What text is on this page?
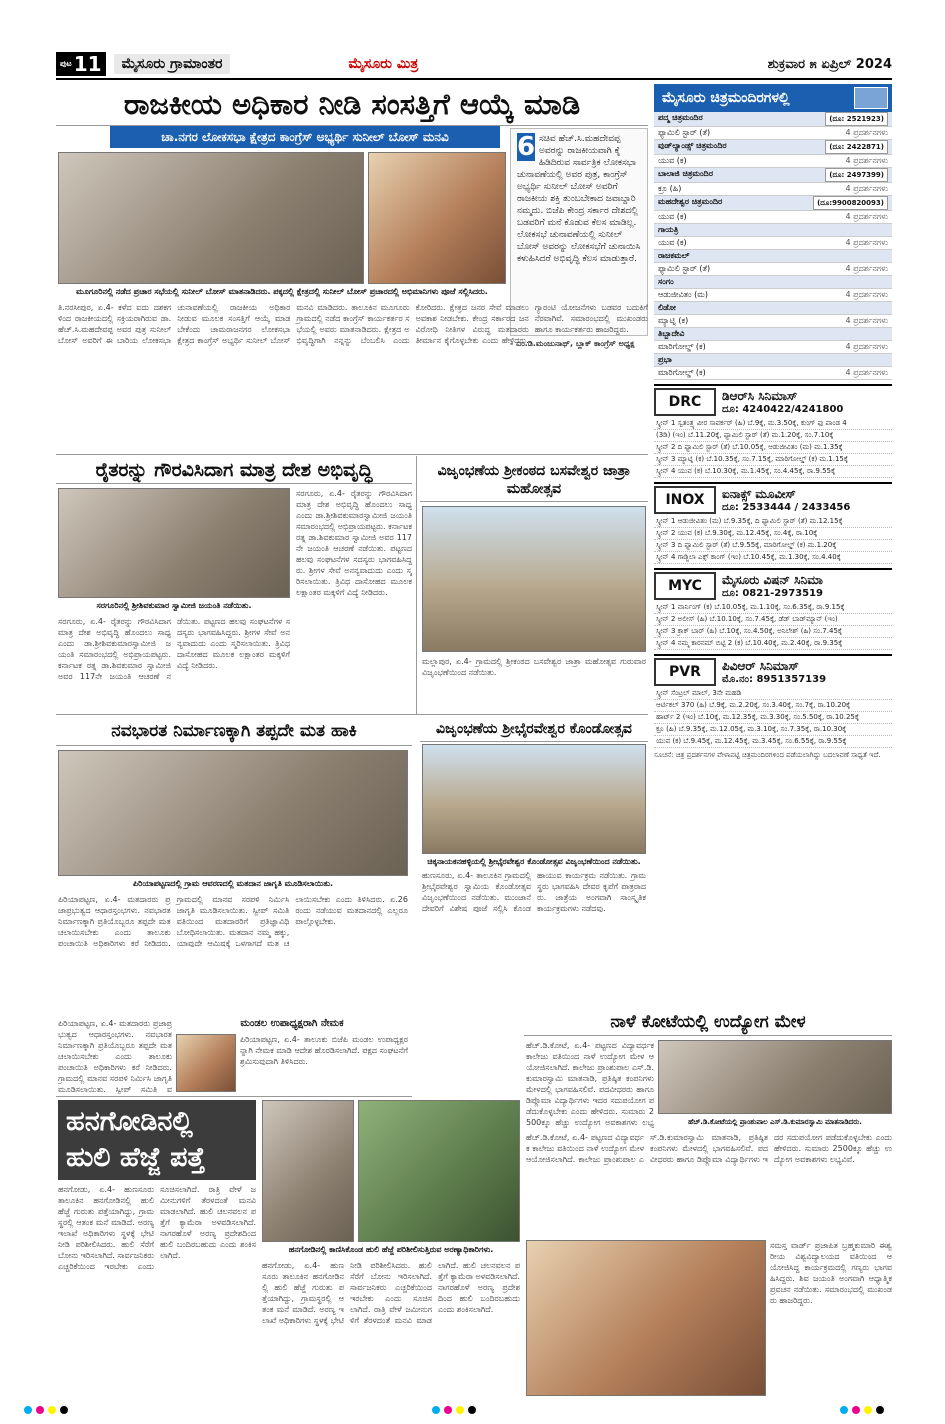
ಪುಟ 11	ಮೈಸೂರು ಗ್ರಾಮಾಂತರ	ಮೈಸೂರು ಮಿತ್ರ	ಶುಕ್ರವಾರ ೫ ಏಪ್ರಿಲ್ 2024
ರಾಜಕೀಯ ಅಧಿಕಾರ ನೀಡಿ ಸಂಸತ್ತಿಗೆ ಆಯ್ಕೆ ಮಾಡಿ
ಚಾ.ನಗರ ಲೋಕಸಭಾ ಕ್ಷೇತ್ರದ ಕಾಂಗ್ರೆಸ್ ಅಭ್ಯರ್ಥಿ ಸುನೀಲ್ ಬೋಸ್ ಮನವಿ
ಮೂಗೂರಿನಲ್ಲಿ ನಡೆದ ಪ್ರಚಾರ ಸಭೆಯಲ್ಲಿ ಸುನೀಲ್ ಬೋಸ್ ಮಾತನಾಡಿದರು. ಪಕ್ಕದಲ್ಲಿ ಕ್ಷೇತ್ರದಲ್ಲಿ ಸುನೀಲ್ ಬೋಸ್ ಪ್ರಚಾರದಲ್ಲಿ ಅಭಿಮಾನಿಗಳು ಪೂಜೆ ಸಲ್ಲಿಸಿದರು.
6 ಸಚಿವ ಹೆಚ್.ಸಿ.ಮಹದೇವಪ್ಪ ಅವರನ್ನು ರಾಜಕೀಯವಾಗಿ ಕೈ ಹಿಡಿದಿರುವ ಸಾರ್ವತ್ರಿಕ ಲೋಕಸಭಾ ಚುನಾವಣೆಯಲ್ಲಿ ಅವರ ಪುತ್ರ, ಕಾಂಗ್ರೆಸ್ ಅಭ್ಯರ್ಥಿ ಸುನೀಲ್ ಬೋಸ್ ಅವರಿಗೆ ರಾಜಕೀಯ ಶಕ್ತಿ ತುಂಬಬೇಕಾದ ಜವಾಬ್ದಾರಿ ನಮ್ಮದು. ಬಿಜೆಪಿ ಕೇಂದ್ರ ಸರ್ಕಾರ ದೇಶದಲ್ಲಿ ಬಡವರಿಗೆ ಮನೆ ಕೊಡುವ ಕೆಲಸ ಮಾಡಿಲ್ಲ. ಲೋಕಸಭೆ ಚುನಾವಣೆಯಲ್ಲಿ ಸುನೀಲ್ ಬೋಸ್ ಅವರನ್ನು ಲೋಕಸಭೆಗೆ ಚುನಾಯಿಸಿ ಕಳುಹಿಸಿದರೆ ಅಭಿವೃದ್ಧಿ ಕೆಲಸ ಮಾಡುತ್ತಾರೆ.
- ಎಂ.ಡಿ.ಮಂಜುನಾಥ್, ಬ್ಲಾಕ್ ಕಾಂಗ್ರೆಸ್ ಅಧ್ಯಕ್ಷ
ತಿ.ನರಸೀಪುರ, ಏ.4- ಕಳೆದ ಐದು ದಶಕಗಳಿಂದ ರಾಜಕೀಯದಲ್ಲಿ ಸಕ್ರಿಯರಾಗಿರುವ ಡಾ.ಹೆಚ್.ಸಿ.ಮಹದೇವಪ್ಪ ಅವರ ಪುತ್ರ ಸುನೀಲ್ ಬೋಸ್ ಅವರಿಗೆ ಈ ಬಾರಿಯ ಲೋಕಸಭಾ ಚುನಾವಣೆಯಲ್ಲಿ ರಾಜಕೀಯ ಅಧಿಕಾರ ನೀಡುವ ಮೂಲಕ ಸಂಸತ್ತಿಗೆ ಆಯ್ಕೆ ಮಾಡಬೇಕೆಂದು ಚಾಮರಾಜನಗರ ಲೋಕಸಭಾ ಕ್ಷೇತ್ರದ ಕಾಂಗ್ರೆಸ್ ಅಭ್ಯರ್ಥಿ ಸುನೀಲ್ ಬೋಸ್ ಮನವಿ ಮಾಡಿದರು. ತಾಲೂಕಿನ ಮೂಗೂರು ಗ್ರಾಮದಲ್ಲಿ ನಡೆದ ಕಾಂಗ್ರೆಸ್ ಕಾರ್ಯಕರ್ತರ ಸಭೆಯಲ್ಲಿ ಅವರು ಮಾತನಾಡಿದರು. ಕ್ಷೇತ್ರದ ಅಭಿವೃದ್ಧಿಗಾಗಿ ನನ್ನನ್ನು ಬೆಂಬಲಿಸಿ ಎಂದು ಕೋರಿದರು. ಕ್ಷೇತ್ರದ ಜನರ ಸೇವೆ ಮಾಡಲು ಅವಕಾಶ ನೀಡಬೇಕು. ಕೇಂದ್ರ ಸರ್ಕಾರದ ಜನವಿರೋಧಿ ನೀತಿಗಳ ವಿರುದ್ಧ ಮತದಾರರು ತೀರ್ಮಾನ ಕೈಗೊಳ್ಳಬೇಕು ಎಂದು ಹೇಳಿದರು. ಗ್ಯಾರಂಟಿ ಯೋಜನೆಗಳು ಬಡವರ ಬದುಕಿಗೆ ನೆರವಾಗಿವೆ. ಸಮಾರಂಭದಲ್ಲಿ ಮುಖಂಡರು ಹಾಗೂ ಕಾರ್ಯಕರ್ತರು ಹಾಜರಿದ್ದರು.
ರೈತರನ್ನು ಗೌರವಿಸಿದಾಗ ಮಾತ್ರ ದೇಶ ಅಭಿವೃದ್ಧಿ
ಸರಗೂರಿನಲ್ಲಿ ಶ್ರೀಶಿವಕುಮಾರ ಸ್ವಾಮೀಜಿ ಜಯಂತಿ ನಡೆಯಿತು.
ಸರಗೂರು, ಏ.4- ರೈತರನ್ನು ಗೌರವಿಸಿದಾಗ ಮಾತ್ರ ದೇಶ ಅಭಿವೃದ್ಧಿ ಹೊಂದಲು ಸಾಧ್ಯ ಎಂದು ಡಾ.ಶ್ರೀಶಿವಕುಮಾರಸ್ವಾಮೀಜಿ ಜಯಂತಿ ಸಮಾರಂಭದಲ್ಲಿ ಅಭಿಪ್ರಾಯಪಟ್ಟರು. ಕರ್ನಾಟಕ ರತ್ನ ಡಾ.ಶಿವಕುಮಾರ ಸ್ವಾಮೀಜಿ ಅವರ 117ನೇ ಜಯಂತಿ ಆಚರಣೆ ನಡೆಯಿತು. ಪಟ್ಟಣದ ಹಲವು ಸಂಘಟನೆಗಳ ಸದಸ್ಯರು ಭಾಗವಹಿಸಿದ್ದರು. ಶ್ರೀಗಳ ಸೇವೆ ಅನನ್ಯವಾದುದು ಎಂದು ಸ್ಮರಿಸಲಾಯಿತು. ತ್ರಿವಿಧ ದಾಸೋಹದ ಮೂಲಕ ಲಕ್ಷಾಂತರ ಮಕ್ಕಳಿಗೆ ವಿದ್ಯೆ ನೀಡಿದರು.
ಸರಗೂರು, ಏ.4- ರೈತರನ್ನು ಗೌರವಿಸಿದಾಗ ಮಾತ್ರ ದೇಶ ಅಭಿವೃದ್ಧಿ ಹೊಂದಲು ಸಾಧ್ಯ ಎಂದು ಡಾ.ಶ್ರೀಶಿವಕುಮಾರಸ್ವಾಮೀಜಿ ಜಯಂತಿ ಸಮಾರಂಭದಲ್ಲಿ ಅಭಿಪ್ರಾಯಪಟ್ಟರು. ಕರ್ನಾಟಕ ರತ್ನ ಡಾ.ಶಿವಕುಮಾರ ಸ್ವಾಮೀಜಿ ಅವರ 117ನೇ ಜಯಂತಿ ಆಚರಣೆ ನಡೆಯಿತು. ಪಟ್ಟಣದ ಹಲವು ಸಂಘಟನೆಗಳ ಸದಸ್ಯರು ಭಾಗವಹಿಸಿದ್ದರು. ಶ್ರೀಗಳ ಸೇವೆ ಅನನ್ಯವಾದುದು ಎಂದು ಸ್ಮರಿಸಲಾಯಿತು. ತ್ರಿವಿಧ ದಾಸೋಹದ ಮೂಲಕ ಲಕ್ಷಾಂತರ ಮಕ್ಕಳಿಗೆ ವಿದ್ಯೆ ನೀಡಿದರು.
ವಿಜೃಂಭಣೆಯ ಶ್ರೀಕಂಠದ ಬಸವೇಶ್ವರ ಜಾತ್ರಾ ಮಹೋತ್ಸವ
ಮಲ್ಲಾಪುರ, ಏ.4- ಗ್ರಾಮದಲ್ಲಿ ಶ್ರೀಕಂಠದ ಬಸವೇಶ್ವರ ಜಾತ್ರಾ ಮಹೋತ್ಸವ ಗುರುವಾರ ವಿಜೃಂಭಣೆಯಿಂದ ನಡೆಯಿತು.
ವಿಜೃಂಭಣೆಯ ಶ್ರೀಭೈರವೇಶ್ವರ ಕೊಂಡೋತ್ಸವ
ಚಿಕ್ಕನಾಯಕನಹಳ್ಳಿಯಲ್ಲಿ ಶ್ರೀಭೈರವೇಶ್ವರ ಕೊಂಡೋತ್ಸವ ವಿಜೃಂಭಣೆಯಿಂದ ನಡೆಯಿತು.
ಹುಣಸೂರು, ಏ.4- ತಾಲೂಕಿನ ಗ್ರಾಮದಲ್ಲಿ ಶ್ರೀಭೈರವೇಶ್ವರ ಸ್ವಾಮಿಯ ಕೊಂಡೋತ್ಸವ ವಿಜೃಂಭಣೆಯಿಂದ ನಡೆಯಿತು. ಮುಂಜಾನೆ ದೇವರಿಗೆ ವಿಶೇಷ ಪೂಜೆ ಸಲ್ಲಿಸಿ ಕೊಂಡ ಹಾಯುವ ಕಾರ್ಯಕ್ರಮ ನಡೆಯಿತು. ಗ್ರಾಮಸ್ಥರು ಭಾಗವಹಿಸಿ ದೇವರ ಕೃಪೆಗೆ ಪಾತ್ರರಾದರು. ಜಾತ್ರೆಯ ಅಂಗವಾಗಿ ಸಾಂಸ್ಕೃತಿಕ ಕಾರ್ಯಕ್ರಮಗಳು ನಡೆದವು.
ನವಭಾರತ ನಿರ್ಮಾಣಕ್ಕಾಗಿ ತಪ್ಪದೇ ಮತ ಹಾಕಿ
ಪಿರಿಯಾಪಟ್ಟಣದಲ್ಲಿ ಗ್ರಾಮ ಆವರಣದಲ್ಲಿ ಮತದಾನ ಜಾಗೃತಿ ಮೂಡಿಸಲಾಯಿತು.
ಪಿರಿಯಾಪಟ್ಟಣ, ಏ.4- ಮತದಾರರು ಪ್ರಜಾಪ್ರಭುತ್ವದ ಆಧಾರಸ್ತಂಭಗಳು. ನವಭಾರತ ನಿರ್ಮಾಣಕ್ಕಾಗಿ ಪ್ರತಿಯೊಬ್ಬರೂ ತಪ್ಪದೇ ಮತ ಚಲಾಯಿಸಬೇಕು ಎಂದು ತಾಲೂಕು ಪಂಚಾಯಿತಿ ಅಧಿಕಾರಿಗಳು ಕರೆ ನೀಡಿದರು. ಗ್ರಾಮದಲ್ಲಿ ಮಾನವ ಸರಪಳಿ ನಿರ್ಮಿಸಿ ಜಾಗೃತಿ ಮೂಡಿಸಲಾಯಿತು. ಸ್ವೀಪ್ ಸಮಿತಿ ವತಿಯಿಂದ ಮತದಾರರಿಗೆ ಪ್ರತಿಜ್ಞಾವಿಧಿ ಬೋಧಿಸಲಾಯಿತು. ಮತದಾನ ನಮ್ಮ ಹಕ್ಕು, ಯಾವುದೇ ಆಮಿಷಕ್ಕೆ ಒಳಗಾಗದೆ ಮತ ಚಲಾಯಿಸಬೇಕು ಎಂದು ತಿಳಿಸಿದರು. ಏ.26ರಂದು ನಡೆಯುವ ಮತದಾನದಲ್ಲಿ ಎಲ್ಲರೂ ಪಾಲ್ಗೊಳ್ಳಬೇಕು.
ಮಂಡಲ ಉಪಾಧ್ಯಕ್ಷರಾಗಿ ನೇಮಕ
ಪಿರಿಯಾಪಟ್ಟಣ, ಏ.4- ತಾಲೂಕು ಬಿಜೆಪಿ ಮಂಡಲ ಉಪಾಧ್ಯಕ್ಷರನ್ನಾಗಿ ನೇಮಕ ಮಾಡಿ ಆದೇಶ ಹೊರಡಿಸಲಾಗಿದೆ. ಪಕ್ಷದ ಸಂಘಟನೆಗೆ ಶ್ರಮಿಸುವುದಾಗಿ ತಿಳಿಸಿದರು.
ಪಿರಿಯಾಪಟ್ಟಣ, ಏ.4- ಮತದಾರರು ಪ್ರಜಾಪ್ರಭುತ್ವದ ಆಧಾರಸ್ತಂಭಗಳು. ನವಭಾರತ ನಿರ್ಮಾಣಕ್ಕಾಗಿ ಪ್ರತಿಯೊಬ್ಬರೂ ತಪ್ಪದೇ ಮತ ಚಲಾಯಿಸಬೇಕು ಎಂದು ತಾಲೂಕು ಪಂಚಾಯಿತಿ ಅಧಿಕಾರಿಗಳು ಕರೆ ನೀಡಿದರು. ಗ್ರಾಮದಲ್ಲಿ ಮಾನವ ಸರಪಳಿ ನಿರ್ಮಿಸಿ ಜಾಗೃತಿ ಮೂಡಿಸಲಾಯಿತು. ಸ್ವೀಪ್ ಸಮಿತಿ ವ
ಹನಗೋಡಿನಲ್ಲಿ
ಹುಲಿ ಹೆಜ್ಜೆ ಪತ್ತೆ
ಹನಗೋಡಿನಲ್ಲಿ ಕಾಣಿಸಿಕೊಂಡ ಹುಲಿ ಹೆಜ್ಜೆ ಪರಿಶೀಲಿಸುತ್ತಿರುವ ಅರಣ್ಯಾಧಿಕಾರಿಗಳು.
ಹನಗೋಡು, ಏ.4- ಹುಣಸೂರು ತಾಲೂಕಿನ ಹನಗೋಡಿನಲ್ಲಿ ಹುಲಿ ಹೆಜ್ಜೆ ಗುರುತು ಪತ್ತೆಯಾಗಿದ್ದು, ಗ್ರಾಮಸ್ಥರಲ್ಲಿ ಆತಂಕ ಮನೆ ಮಾಡಿದೆ. ಅರಣ್ಯ ಇಲಾಖೆ ಅಧಿಕಾರಿಗಳು ಸ್ಥಳಕ್ಕೆ ಭೇಟಿ ನೀಡಿ ಪರಿಶೀಲಿಸಿದರು. ಹುಲಿ ಸೆರೆಗೆ ಬೋನು ಇರಿಸಲಾಗಿದೆ. ಸಾರ್ವಜನಿಕರು ಎಚ್ಚರಿಕೆಯಿಂದ ಇರಬೇಕು ಎಂದು ಸೂಚಿಸಲಾಗಿದೆ. ರಾತ್ರಿ ವೇಳೆ ಜಮೀನುಗಳಿಗೆ ತೆರಳದಂತೆ ಮನವಿ ಮಾಡಲಾಗಿದೆ. ಹುಲಿ ಚಲನವಲನ ಪತ್ತೆಗೆ ಕ್ಯಾಮೆರಾ ಅಳವಡಿಸಲಾಗಿದೆ. ನಾಗರಹೊಳೆ ಅರಣ್ಯ ಪ್ರದೇಶದಿಂದ ಹುಲಿ ಬಂದಿರಬಹುದು ಎಂದು ಶಂಕಿಸಲಾಗಿದೆ.
ಹನಗೋಡು, ಏ.4- ಹುಣಸೂರು ತಾಲೂಕಿನ ಹನಗೋಡಿನಲ್ಲಿ ಹುಲಿ ಹೆಜ್ಜೆ ಗುರುತು ಪತ್ತೆಯಾಗಿದ್ದು, ಗ್ರಾಮಸ್ಥರಲ್ಲಿ ಆತಂಕ ಮನೆ ಮಾಡಿದೆ. ಅರಣ್ಯ ಇಲಾಖೆ ಅಧಿಕಾರಿಗಳು ಸ್ಥಳಕ್ಕೆ ಭೇಟಿ ನೀಡಿ ಪರಿಶೀಲಿಸಿದರು. ಹುಲಿ ಸೆರೆಗೆ ಬೋನು ಇರಿಸಲಾಗಿದೆ. ಸಾರ್ವಜನಿಕರು ಎಚ್ಚರಿಕೆಯಿಂದ ಇರಬೇಕು ಎಂದು ಸೂಚಿಸಲಾಗಿದೆ. ರಾತ್ರಿ ವೇಳೆ ಜಮೀನುಗಳಿಗೆ ತೆರಳದಂತೆ ಮನವಿ ಮಾಡಲಾಗಿದೆ. ಹುಲಿ ಚಲನವಲನ ಪತ್ತೆಗೆ ಕ್ಯಾಮೆರಾ ಅಳವಡಿಸಲಾಗಿದೆ. ನಾಗರಹೊಳೆ ಅರಣ್ಯ ಪ್ರದೇಶದಿಂದ ಹುಲಿ ಬಂದಿರಬಹುದು ಎಂದು ಶಂಕಿಸಲಾಗಿದೆ.
ನಾಳೆ ಕೋಟೆಯಲ್ಲಿ ಉದ್ಯೋಗ ಮೇಳ
ಹೆಚ್.ಡಿ.ಕೋಟೆಯಲ್ಲಿ ಪ್ರಾಂಶುಪಾಲ ಎಸ್.ಡಿ.ಕುಮಾರಸ್ವಾಮಿ ಮಾತನಾಡಿದರು.
ಹೆಚ್.ಡಿ.ಕೋಟೆ, ಏ.4- ಪಟ್ಟಣದ ವಿದ್ಯಾವರ್ಧಕ ಕಾಲೇಜು ವತಿಯಿಂದ ನಾಳೆ ಉದ್ಯೋಗ ಮೇಳ ಆಯೋಜಿಸಲಾಗಿದೆ. ಕಾಲೇಜು ಪ್ರಾಂಶುಪಾಲ ಎಸ್.ಡಿ.ಕುಮಾರಸ್ವಾಮಿ ಮಾತನಾಡಿ, ಪ್ರತಿಷ್ಠಿತ ಕಂಪನಿಗಳು ಮೇಳದಲ್ಲಿ ಭಾಗವಹಿಸಲಿವೆ. ಪದವೀಧರರು ಹಾಗೂ ಡಿಪ್ಲೊಮಾ ವಿದ್ಯಾರ್ಥಿಗಳು ಇದರ ಸದುಪಯೋಗ ಪಡೆದುಕೊಳ್ಳಬೇಕು ಎಂದು ಹೇಳಿದರು. ಸುಮಾರು 2500ಕ್ಕೂ ಹೆಚ್ಚು ಉದ್ಯೋಗ ಅವಕಾಶಗಳು ಲಭ್ಯ
ಹೆಚ್.ಡಿ.ಕೋಟೆ, ಏ.4- ಪಟ್ಟಣದ ವಿದ್ಯಾವರ್ಧಕ ಕಾಲೇಜು ವತಿಯಿಂದ ನಾಳೆ ಉದ್ಯೋಗ ಮೇಳ ಆಯೋಜಿಸಲಾಗಿದೆ. ಕಾಲೇಜು ಪ್ರಾಂಶುಪಾಲ ಎಸ್.ಡಿ.ಕುಮಾರಸ್ವಾಮಿ ಮಾತನಾಡಿ, ಪ್ರತಿಷ್ಠಿತ ಕಂಪನಿಗಳು ಮೇಳದಲ್ಲಿ ಭಾಗವಹಿಸಲಿವೆ. ಪದವೀಧರರು ಹಾಗೂ ಡಿಪ್ಲೊಮಾ ವಿದ್ಯಾರ್ಥಿಗಳು ಇದರ ಸದುಪಯೋಗ ಪಡೆದುಕೊಳ್ಳಬೇಕು ಎಂದು ಹೇಳಿದರು. ಸುಮಾರು 2500ಕ್ಕೂ ಹೆಚ್ಚು ಉದ್ಯೋಗ ಅವಕಾಶಗಳು ಲಭ್ಯವಿವೆ.
ಸಮಸ್ತ ವಾರ್ಡ್ ಪ್ರಜಾಪಿತ ಬ್ರಹ್ಮಕುಮಾರಿ ಈಶ್ವರೀಯ ವಿಶ್ವವಿದ್ಯಾಲಯದ ವತಿಯಿಂದ ಆಯೋಜಿಸಿದ್ದ ಕಾರ್ಯಕ್ರಮದಲ್ಲಿ ಗಣ್ಯರು ಭಾಗವಹಿಸಿದ್ದರು. ಶಿವ ಜಯಂತಿ ಅಂಗವಾಗಿ ಆಧ್ಯಾತ್ಮಿಕ ಪ್ರವಚನ ನಡೆಯಿತು. ಸಮಾರಂಭದಲ್ಲಿ ಮುಖಂಡರು ಹಾಜರಿದ್ದರು.
ಮೈಸೂರು ಚಿತ್ರಮಂದಿರಗಳಲ್ಲಿ
ಪದ್ಮ ಚಿತ್ರಮಂದಿರ	(ದೂ: 2521923)
ಫ್ಯಾಮಿಲಿ ಸ್ಟಾರ್ (ತೆ)	4 ಪ್ರದರ್ಶನಗಳು
ವುಡ್‌ಲ್ಯಾಂಡ್ಸ್ ಚಿತ್ರಮಂದಿರ	(ದೂ: 2422871)
ಯುವ (ಕ)	4 ಪ್ರದರ್ಶನಗಳು
ಬಾಲಾಜಿ ಚಿತ್ರಮಂದಿರ	(ದೂ: 2497399)
ಕ್ರೂ (ಹಿ)	4 ಪ್ರದರ್ಶನಗಳು
ಮಹದೇಶ್ವರ ಚಿತ್ರಮಂದಿರ	(ದೂ:9900820093)
ಯುವ (ಕ)	4 ಪ್ರದರ್ಶನಗಳು
ಗಾಯತ್ರಿ
ಯುವ (ಕ)	4 ಪ್ರದರ್ಶನಗಳು
ರಾಜಕಮಲ್
ಫ್ಯಾಮಿಲಿ ಸ್ಟಾರ್ (ತೆ)	4 ಪ್ರದರ್ಶನಗಳು
ಸಂಗಂ
ಆಡುಜೀವಿತಂ (ಮ)	4 ಪ್ರದರ್ಶನಗಳು
ಲಿಡೋ
ಮ್ಯಾಟ್ನಿ (ಕ)	4 ಪ್ರದರ್ಶನಗಳು
ತಿಬ್ಬಾದೇವಿ
ಮಾರಿಗೋಲ್ಡ್ (ಕ)	4 ಪ್ರದರ್ಶನಗಳು
ಪ್ರಭಾ
ಮಾರಿಗೋಲ್ಡ್ (ಕ)	4 ಪ್ರದರ್ಶನಗಳು
DRC	ಡಿಆರ್‌ಸಿ ಸಿನಿಮಾಸ್
ದೂ: 4240422/4241800
ಸ್ಕ್ರೀನ್ 1 ಸ್ವತಂತ್ರ್ಯ ವೀರ ಸಾವರ್ಕರ್ (ಹಿ) ಬೆ.9ಕ್ಕೆ, ಮ.3.50ಕ್ಕೆ, ಕುಂಗ್ ಫು ಪಾಂಡ 4
(3ಡಿ) (ಇಂ) ಬೆ.11.20ಕ್ಕೆ, ಫ್ಯಾಮಿಲಿ ಸ್ಟಾರ್ (ತೆ) ಮ.1.20ಕ್ಕೆ, ಸಂ.7.10ಕ್ಕೆ
ಸ್ಕ್ರೀನ್ 2 ದಿ ಫ್ಯಾಮಿಲಿ ಸ್ಟಾರ್ (ತೆ) ಬೆ.10.05ಕ್ಕೆ, ಆಡುಜೀವಿತಂ (ಮ) ಮ.1.35ಕ್ಕೆ
ಸ್ಕ್ರೀನ್ 3 ಮ್ಯಾಟ್ನಿ (ಕ) ಬೆ.10.35ಕ್ಕೆ, ಸಂ.7.15ಕ್ಕೆ, ಮಾರಿಗೋಲ್ಡ್ (ಕ) ಮ.1.15ಕ್ಕೆ
ಸ್ಕ್ರೀನ್ 4 ಯುವ (ಕ) ಬೆ.10.30ಕ್ಕೆ, ಮ.1.45ಕ್ಕೆ, ಸಂ.4.45ಕ್ಕೆ, ರಾ.9.55ಕ್ಕೆ
INOX	ಐನಾಕ್ಸ್ ಮೂವೀಸ್
ದೂ: 2533444 / 2433456
ಸ್ಕ್ರೀನ್ 1 ಆಡುಜೀವಿತಂ (ಮ) ಬೆ.9.35ಕ್ಕೆ, ದಿ ಫ್ಯಾಮಿಲಿ ಸ್ಟಾರ್ (ತೆ) ಮ.12.15ಕ್ಕೆ
ಸ್ಕ್ರೀನ್ 2 ಯುವ (ಕ) ಬೆ.9.30ಕ್ಕೆ, ಮ.12.45ಕ್ಕೆ, ಸಂ.4ಕ್ಕೆ, ರಾ.10ಕ್ಕೆ
ಸ್ಕ್ರೀನ್ 3 ದಿ ಫ್ಯಾಮಿಲಿ ಸ್ಟಾರ್ (ತೆ) ಬೆ.9.55ಕ್ಕೆ, ಮಾರಿಗೋಲ್ಡ್ (ಕ) ಮ.1.20ಕ್ಕೆ
ಸ್ಕ್ರೀನ್ 4 ಗಾಡ್ಜಿಲಾ ಎಕ್ಸ್ ಕಾಂಗ್ (ಇಂ) ಬೆ.10.45ಕ್ಕೆ, ಮ.1.30ಕ್ಕೆ, ಸಂ.4.40ಕ್ಕೆ
MYC	ಮೈಸೂರು ವಿಷನ್ ಸಿನಿಮಾ
ದೂ: 0821-2973519
ಸ್ಕ್ರೀನ್ 1 ವಾರ್ನಿಂಗ್ (ಕ) ಬೆ.10.05ಕ್ಕೆ, ಮ.1.10ಕ್ಕೆ, ಸಂ.6.35ಕ್ಕೆ, ರಾ.9.15ಕ್ಕೆ
ಸ್ಕ್ರೀನ್ 2 ಅಲೀಸ್ (ಹಿ) ಬೆ.10.10ಕ್ಕೆ, ಸಂ.7.45ಕ್ಕೆ, ಡೆಡ್ ಬಾಡ್‌ಮ್ಯಾನ್ (ಇಂ)
ಸ್ಕ್ರೀನ್ 3 ಕ್ರಾಕ್ ಬಾರ್ (ಹಿ) ಬೆ.10ಕ್ಕೆ, ಸಂ.4.50ಕ್ಕೆ, ಅನಿಲೇಶ್ (ಹಿ) ಸಂ.7.45ಕ್ಕೆ
ಸ್ಕ್ರೀನ್ 4 ನಮ್ಮ ಕಾರನಮ್ ಬಿಟ್ಟಿ 2 (ಕ) ಬೆ.10.40ಕ್ಕೆ, ಮ.2.40ಕ್ಕೆ, ರಾ.9.35ಕ್ಕೆ
PVR	ಪಿವಿಆರ್ ಸಿನಿಮಾಸ್
ಮೊ.ನಂ: 8951357139
ಸ್ಕ್ರೀನ್ ಸೆಂಟ್ರಲ್ ಮಾಲ್, 3ನೇ ಮಹಡಿ
ಆರ್ಟಿಕಲ್ 370 (ಹಿ) ಬೆ.9ಕ್ಕೆ, ಮ.2.20ಕ್ಕೆ, ಸಂ.3.40ಕ್ಕೆ, ಸಂ.7ಕ್ಕೆ, ರಾ.10.20ಕ್ಕೆ
ಹಾರ್ಟ್ 2 (ಇಂ) ಬೆ.10ಕ್ಕೆ, ಮ.12.35ಕ್ಕೆ, ಮ.3.30ಕ್ಕೆ, ಸಂ.5.50ಕ್ಕೆ, ರಾ.10.25ಕ್ಕೆ
ಕ್ರೂ (ಹಿ) ಬೆ.9.35ಕ್ಕೆ, ಮ.12.05ಕ್ಕೆ, ಮ.3.10ಕ್ಕೆ, ಸಂ.7.35ಕ್ಕೆ, ರಾ.10.30ಕ್ಕೆ
ಯುವ (ಕ) ಬೆ.9.45ಕ್ಕೆ, ಮ.12.45ಕ್ಕೆ, ಮ.3.45ಕ್ಕೆ, ಸಂ.6.55ಕ್ಕೆ, ರಾ.9.55ಕ್ಕೆ
ಸೂಚನೆ: ಚಿತ್ರ ಪ್ರದರ್ಶನಗಳ ವೇಳಾಪಟ್ಟಿ ಚಿತ್ರಮಂದಿರಗಳಿಂದ ಪಡೆಯಲಾಗಿದ್ದು ಬದಲಾವಣೆ ಸಾಧ್ಯತೆ ಇದೆ.
